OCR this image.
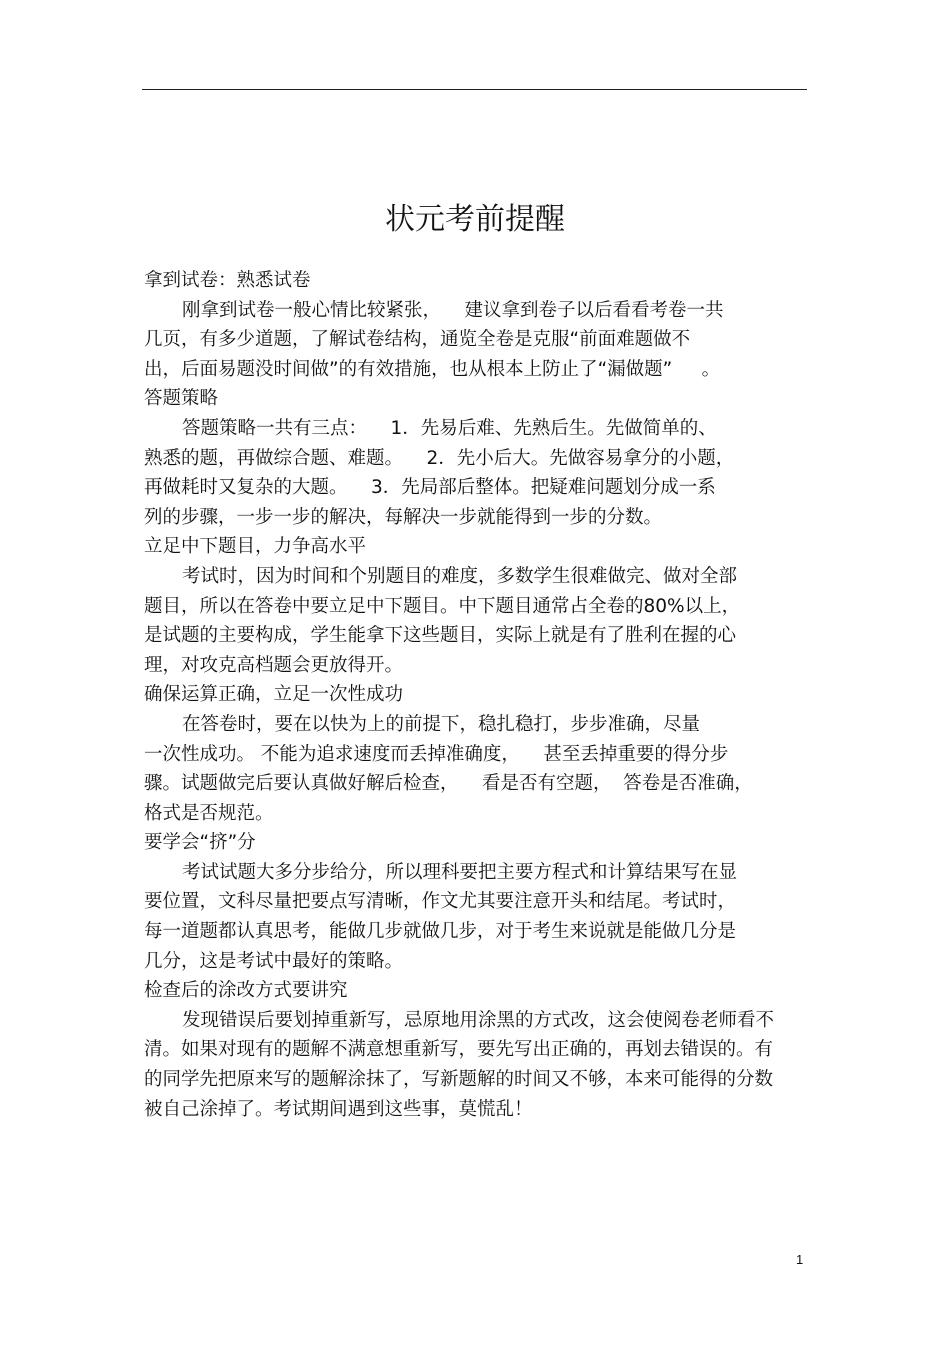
状元考前提醒

拿到试卷：熟悉试卷

刚拿到试卷一般心情比较紧张，    建议拿到卷子以后看看考卷一共

几页，有多少道题，了解试卷结构，通览全卷是克服“前面难题做不

出，后面易题没时间做”的有效措施，也从根本上防止了“漏做题”     。

答题策略

答题策略一共有三点：    1．先易后难、先熟后生。先做简单的、

熟悉的题，再做综合题、难题。    2．先小后大。先做容易拿分的小题，

再做耗时又复杂的大题。    3．先局部后整体。把疑难问题划分成一系

列的步骤，一步一步的解决，每解决一步就能得到一步的分数。

立足中下题目，力争高水平

考试时，因为时间和个别题目的难度，多数学生很难做完、做对全部

题目，所以在答卷中要立足中下题目。中下题目通常占全卷的80%以上，

是试题的主要构成，学生能拿下这些题目，实际上就是有了胜利在握的心

理，对攻克高档题会更放得开。

确保运算正确，立足一次性成功

在答卷时，要在以快为上的前提下，稳扎稳打，步步准确，尽量

一次性成功。 不能为追求速度而丢掉准确度，    甚至丢掉重要的得分步

骤。试题做完后要认真做好解后检查，    看是否有空题，  答卷是否准确，

格式是否规范。

要学会“挤”分

考试试题大多分步给分，所以理科要把主要方程式和计算结果写在显

要位置，文科尽量把要点写清晰，作文尤其要注意开头和结尾。考试时，

每一道题都认真思考，能做几步就做几步，对于考生来说就是能做几分是

几分，这是考试中最好的策略。

检查后的涂改方式要讲究

发现错误后要划掉重新写，忌原地用涂黑的方式改，这会使阅卷老师看不

清。如果对现有的题解不满意想重新写，要先写出正确的，再划去错误的。有

的同学先把原来写的题解涂抹了，写新题解的时间又不够，本来可能得的分数

被自己涂掉了。考试期间遇到这些事，莫慌乱！

1
